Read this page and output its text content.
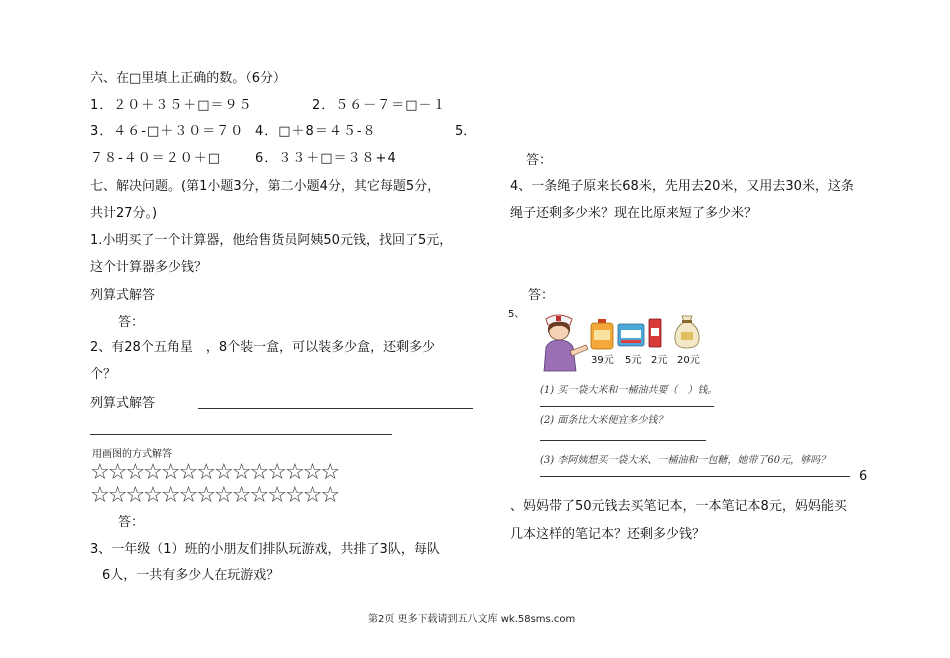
六、在□里填上正确的数。（6分）
1．２０＋３５＋□＝９５	2．５６－７＝□－１
3．４６-□＋３０＝７０ 4．□＋8＝４５-８	5．
７８-４０＝２０＋□	6．３３＋□＝３８+4
七、解决问题。(第1小题3分，第二小题4分，其它每题5分，
共计27分。)
1.小明买了一个计算器，他给售货员阿姨50元钱，找回了5元，
这个计算器多少钱？
列算式解答
答：
2、有28个五角星　，8个装一盒，可以装多少盒，还剩多少
个？
列算式解答
用画图的方式解答
☆☆☆☆☆☆☆☆☆☆☆☆☆☆
☆☆☆☆☆☆☆☆☆☆☆☆☆☆
答：
3、一年级（1）班的小朋友们排队玩游戏，共排了3队，每队
6人，一共有多少人在玩游戏？
答：
4、一条绳子原来长68米，先用去20米，又用去30米，这条
绳子还剩多少米？现在比原来短了多少米？
答：
5、
39元 5元 2元 20元
(1) 买一袋大米和一桶油共要（　）钱。
(2) 面条比大米便宜多少钱？
(3) 李阿姨想买一袋大米、一桶油和一包糖，她带了60元，够吗？
6
、妈妈带了50元钱去买笔记本，一本笔记本8元，妈妈能买
几本这样的笔记本？还剩多少钱？
第2页 更多下载请到五八文库 wk.58sms.com
